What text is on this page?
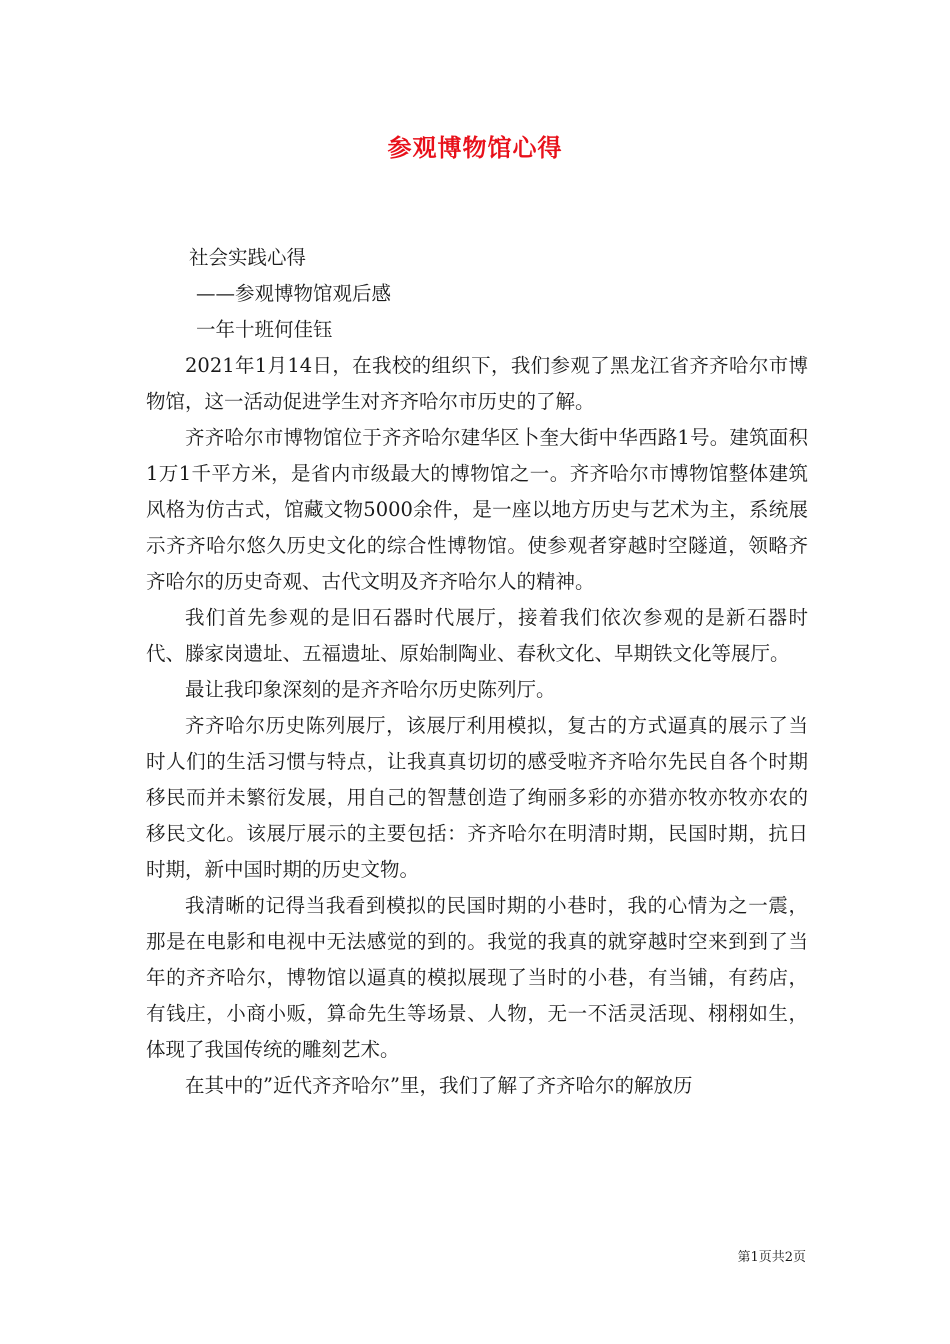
参观博物馆心得

社会实践心得

——参观博物馆观后感

一年十班何佳钰

2021年1月14日，在我校的组织下，我们参观了黑龙江省齐齐哈尔市博物馆，这一活动促进学生对齐齐哈尔市历史的了解。

齐齐哈尔市博物馆位于齐齐哈尔建华区卜奎大街中华西路1号。建筑面积1万1千平方米，是省内市级最大的博物馆之一。齐齐哈尔市博物馆整体建筑风格为仿古式，馆藏文物5000余件，是一座以地方历史与艺术为主，系统展示齐齐哈尔悠久历史文化的综合性博物馆。使参观者穿越时空隧道，领略齐齐哈尔的历史奇观、古代文明及齐齐哈尔人的精神。

我们首先参观的是旧石器时代展厅，接着我们依次参观的是新石器时代、滕家岗遗址、五福遗址、原始制陶业、春秋文化、早期铁文化等展厅。

最让我印象深刻的是齐齐哈尔历史陈列厅。

齐齐哈尔历史陈列展厅，该展厅利用模拟，复古的方式逼真的展示了当时人们的生活习惯与特点，让我真真切切的感受啦齐齐哈尔先民自各个时期移民而并未繁衍发展，用自己的智慧创造了绚丽多彩的亦猎亦牧亦牧亦农的移民文化。该展厅展示的主要包括：齐齐哈尔在明清时期，民国时期，抗日时期，新中国时期的历史文物。

我清晰的记得当我看到模拟的民国时期的小巷时，我的心情为之一震，那是在电影和电视中无法感觉的到的。我觉的我真的就穿越时空来到到了当年的齐齐哈尔，博物馆以逼真的模拟展现了当时的小巷，有当铺，有药店，有钱庄，小商小贩，算命先生等场景、人物，无一不活灵活现、栩栩如生，体现了我国传统的雕刻艺术。

在其中的”近代齐齐哈尔”里，我们了解了齐齐哈尔的解放历

第1页共2页
